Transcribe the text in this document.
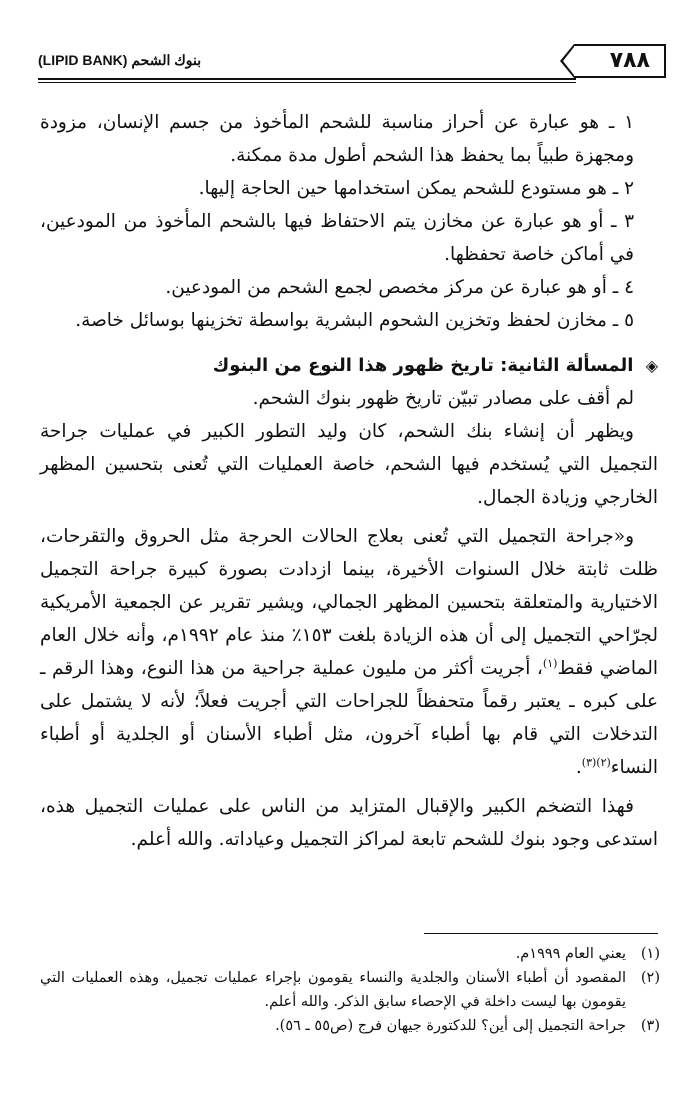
بنوك الشحم (LIPID BANK)	٧٨٨

١ ـ هو عبارة عن أحراز مناسبة للشحم المأخوذ من جسم الإنسان، مزودة ومجهزة طبياً بما يحفظ هذا الشحم أطول مدة ممكنة.

٢ ـ هو مستودع للشحم يمكن استخدامها حين الحاجة إليها.

٣ ـ أو هو عبارة عن مخازن يتم الاحتفاظ فيها بالشحم المأخوذ من المودعين، في أماكن خاصة تحفظها.

٤ ـ أو هو عبارة عن مركز مخصص لجمع الشحم من المودعين.

٥ ـ مخازن لحفظ وتخزين الشحوم البشرية بواسطة تخزينها بوسائل خاصة.

◈ المسألة الثانية: تاريخ ظهور هذا النوع من البنوك

لم أقف على مصادر تبيّن تاريخ ظهور بنوك الشحم.

ويظهر أن إنشاء بنك الشحم، كان وليد التطور الكبير في عمليات جراحة التجميل التي يُستخدم فيها الشحم، خاصة العمليات التي تُعنى بتحسين المظهر الخارجي وزيادة الجمال.

و«جراحة التجميل التي تُعنى بعلاج الحالات الحرجة مثل الحروق والتقرحات، ظلت ثابتة خلال السنوات الأخيرة، بينما ازدادت بصورة كبيرة جراحة التجميل الاختيارية والمتعلقة بتحسين المظهر الجمالي، ويشير تقرير عن الجمعية الأمريكية لجرّاحي التجميل إلى أن هذه الزيادة بلغت ١٥٣٪ منذ عام ١٩٩٢م، وأنه خلال العام الماضي فقط$^{(١)}$، أجريت أكثر من مليون عملية جراحية من هذا النوع، وهذا الرقم ـ على كبره ـ يعتبر رقماً متحفظاً للجراحات التي أجريت فعلاً؛ لأنه لا يشتمل على التدخلات التي قام بها أطباء آخرون، مثل أطباء الأسنان أو الجلدية أو أطباء النساء$^{(٢)(٣)}$.

فهذا التضخم الكبير والإقبال المتزايد من الناس على عمليات التجميل هذه، استدعى وجود بنوك للشحم تابعة لمراكز التجميل وعياداته. والله أعلم.

(١)يعني العام ١٩٩٩م.

(٢)المقصود أن أطباء الأسنان والجلدية والنساء يقومون بإجراء عمليات تجميل، وهذه العمليات التي يقومون بها ليست داخلة في الإحصاء سابق الذكر. والله أعلم.

(٣)جراحة التجميل إلى أين؟ للدكتورة جيهان فرج (ص٥٥ ـ ٥٦).
